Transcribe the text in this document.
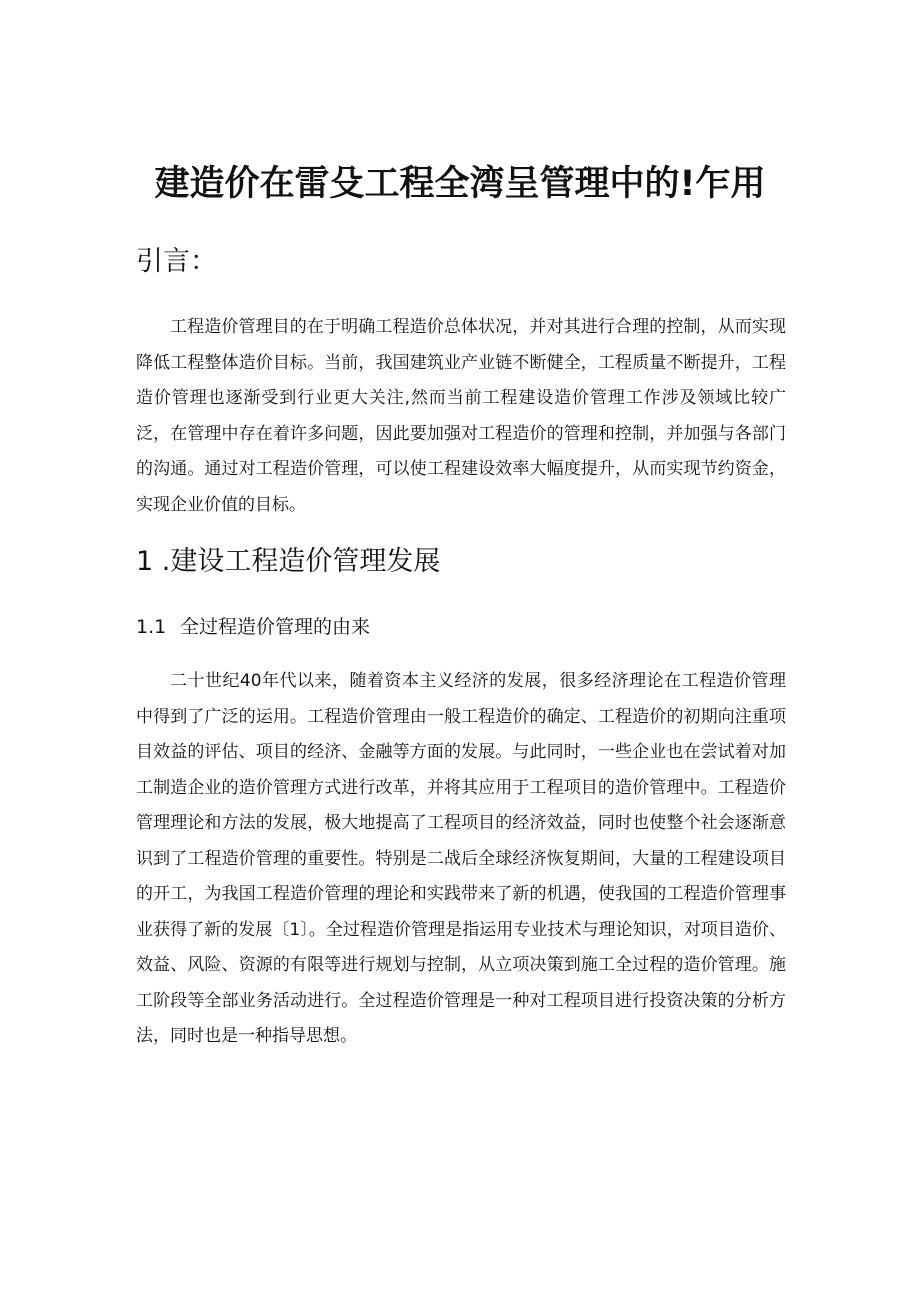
建造价在雷殳工程全湾呈管理中的!乍用
引言：

工程造价管理目的在于明确工程造价总体状况，并对其进行合理的控制，从而实现降低工程整体造价目标。当前，我国建筑业产业链不断健全，工程质量不断提升，工程造价管理也逐渐受到行业更大关注,然而当前工程建设造价管理工作涉及领域比较广泛，在管理中存在着许多问题，因此要加强对工程造价的管理和控制，并加强与各部门的沟通。通过对工程造价管理，可以使工程建设效率大幅度提升，从而实现节约资金，实现企业价值的目标。

1 .建设工程造价管理发展
1.1 全过程造价管理的由来

二十世纪40年代以来，随着资本主义经济的发展，很多经济理论在工程造价管理中得到了广泛的运用。工程造价管理由一般工程造价的确定、工程造价的初期向注重项目效益的评估、项目的经济、金融等方面的发展。与此同时，一些企业也在尝试着对加工制造企业的造价管理方式进行改革，并将其应用于工程项目的造价管理中。工程造价管理理论和方法的发展，极大地提高了工程项目的经济效益，同时也使整个社会逐渐意识到了工程造价管理的重要性。特别是二战后全球经济恢复期间，大量的工程建设项目的开工，为我国工程造价管理的理论和实践带来了新的机遇，使我国的工程造价管理事业获得了新的发展〔1〕。全过程造价管理是指运用专业技术与理论知识，对项目造价、效益、风险、资源的有限等进行规划与控制，从立项决策到施工全过程的造价管理。施工阶段等全部业务活动进行。全过程造价管理是一种对工程项目进行投资决策的分析方法，同时也是一种指导思想。
